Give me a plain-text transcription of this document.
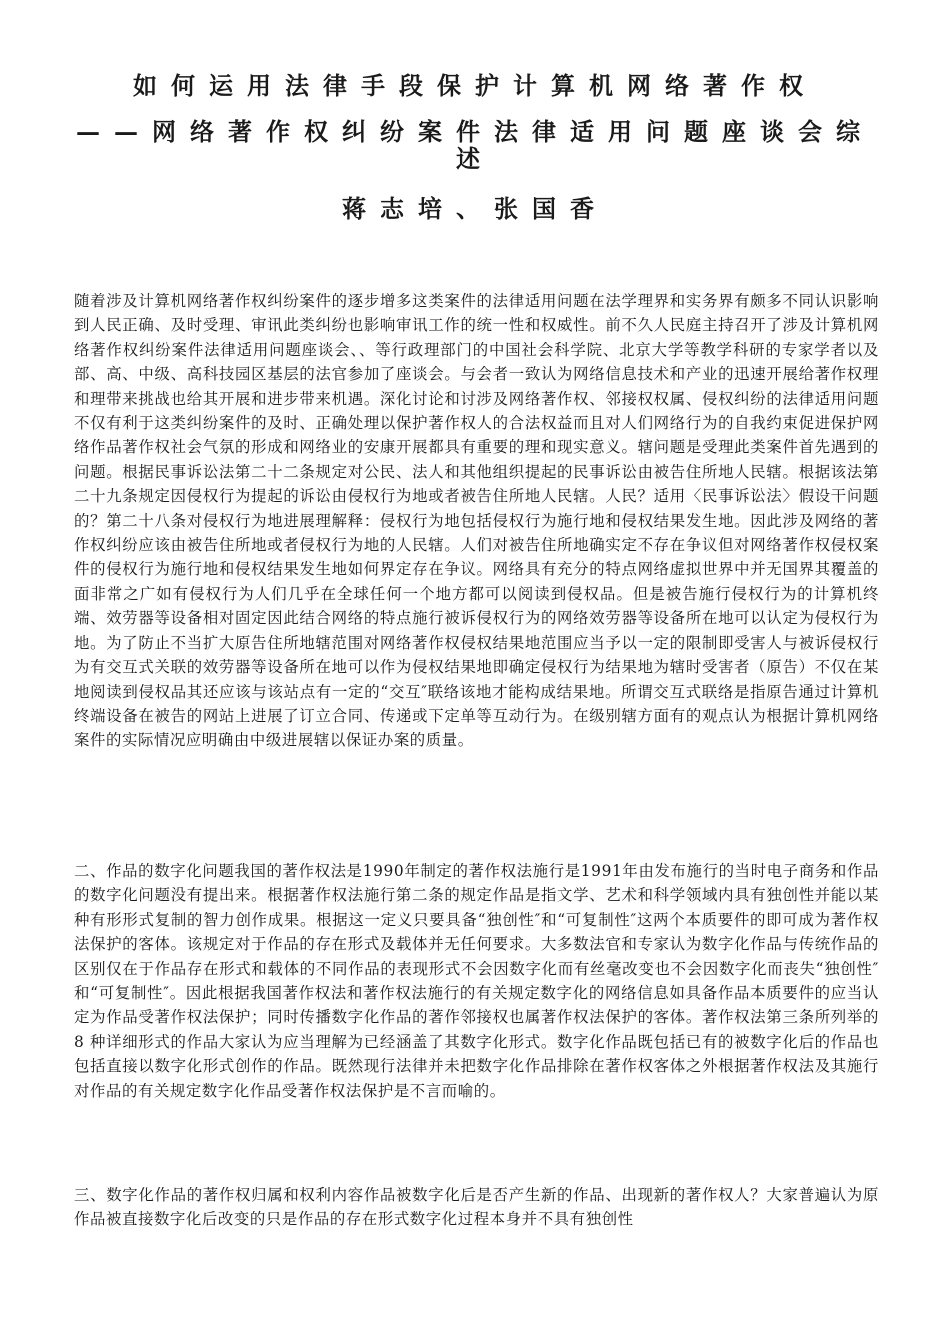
如何运用法律手段保护计算机网络著作权
——网络著作权纠纷案件法律适用问题座谈会综
述
蒋志培、张国香
随着涉及计算机网络著作权纠纷案件的逐步增多这类案件的法律适用问题在法学理界和实务界有颇多不同认识影响到人民正确、及时受理、审讯此类纠纷也影响审讯工作的统一性和权威性。前不久人民庭主持召开了涉及计算机网络著作权纠纷案件法律适用问题座谈会、、等行政理部门的中国社会科学院、北京大学等教学科研的专家学者以及部、高、中级、高科技园区基层的法官参加了座谈会。与会者一致认为网络信息技术和产业的迅速开展给著作权理和理带来挑战也给其开展和进步带来机遇。深化讨论和讨涉及网络著作权、邻接权权属、侵权纠纷的法律适用问题不仅有利于这类纠纷案件的及时、正确处理以保护著作权人的合法权益而且对人们网络行为的自我约束促进保护网络作品著作权社会气氛的形成和网络业的安康开展都具有重要的理和现实意义。辖问题是受理此类案件首先遇到的问题。根据民事诉讼法第二十二条规定对公民、法人和其他组织提起的民事诉讼由被告住所地人民辖。根据该法第二十九条规定因侵权行为提起的诉讼由侵权行为地或者被告住所地人民辖。人民？适用〈民事诉讼法〉假设干问题的？第二十八条对侵权行为地进展理解释：侵权行为地包括侵权行为施行地和侵权结果发生地。因此涉及网络的著作权纠纷应该由被告住所地或者侵权行为地的人民辖。人们对被告住所地确实定不存在争议但对网络著作权侵权案件的侵权行为施行地和侵权结果发生地如何界定存在争议。网络具有充分的特点网络虚拟世界中并无国界其覆盖的面非常之广如有侵权行为人们几乎在全球任何一个地方都可以阅读到侵权品。但是被告施行侵权行为的计算机终端、效劳器等设备相对固定因此结合网络的特点施行被诉侵权行为的网络效劳器等设备所在地可以认定为侵权行为地。为了防止不当扩大原告住所地辖范围对网络著作权侵权结果地范围应当予以一定的限制即受害人与被诉侵权行为有交互式关联的效劳器等设备所在地可以作为侵权结果地即确定侵权行为结果地为辖时受害者（原告）不仅在某地阅读到侵权品其还应该与该站点有一定的“交互″联络该地才能构成结果地。所谓交互式联络是指原告通过计算机终端设备在被告的网站上进展了订立合同、传递或下定单等互动行为。在级别辖方面有的观点认为根据计算机网络案件的实际情况应明确由中级进展辖以保证办案的质量。
二、作品的数字化问题我国的著作权法是1990年制定的著作权法施行是1991年由发布施行的当时电子商务和作品的数字化问题没有提出来。根据著作权法施行第二条的规定作品是指文学、艺术和科学领域内具有独创性并能以某种有形形式复制的智力创作成果。根据这一定义只要具备“独创性″和“可复制性″这两个本质要件的即可成为著作权法保护的客体。该规定对于作品的存在形式及载体并无任何要求。大多数法官和专家认为数字化作品与传统作品的区别仅在于作品存在形式和载体的不同作品的表现形式不会因数字化而有丝毫改变也不会因数字化而丧失“独创性″和“可复制性″。因此根据我国著作权法和著作权法施行的有关规定数字化的网络信息如具备作品本质要件的应当认定为作品受著作权法保护；同时传播数字化作品的著作邻接权也属著作权法保护的客体。著作权法第三条所列举的8 种详细形式的作品大家认为应当理解为已经涵盖了其数字化形式。数字化作品既包括已有的被数字化后的作品也包括直接以数字化形式创作的作品。既然现行法律并未把数字化作品排除在著作权客体之外根据著作权法及其施行对作品的有关规定数字化作品受著作权法保护是不言而喻的。
三、数字化作品的著作权归属和权利内容作品被数字化后是否产生新的作品、出现新的著作权人？大家普遍认为原作品被直接数字化后改变的只是作品的存在形式数字化过程本身并不具有独创性
